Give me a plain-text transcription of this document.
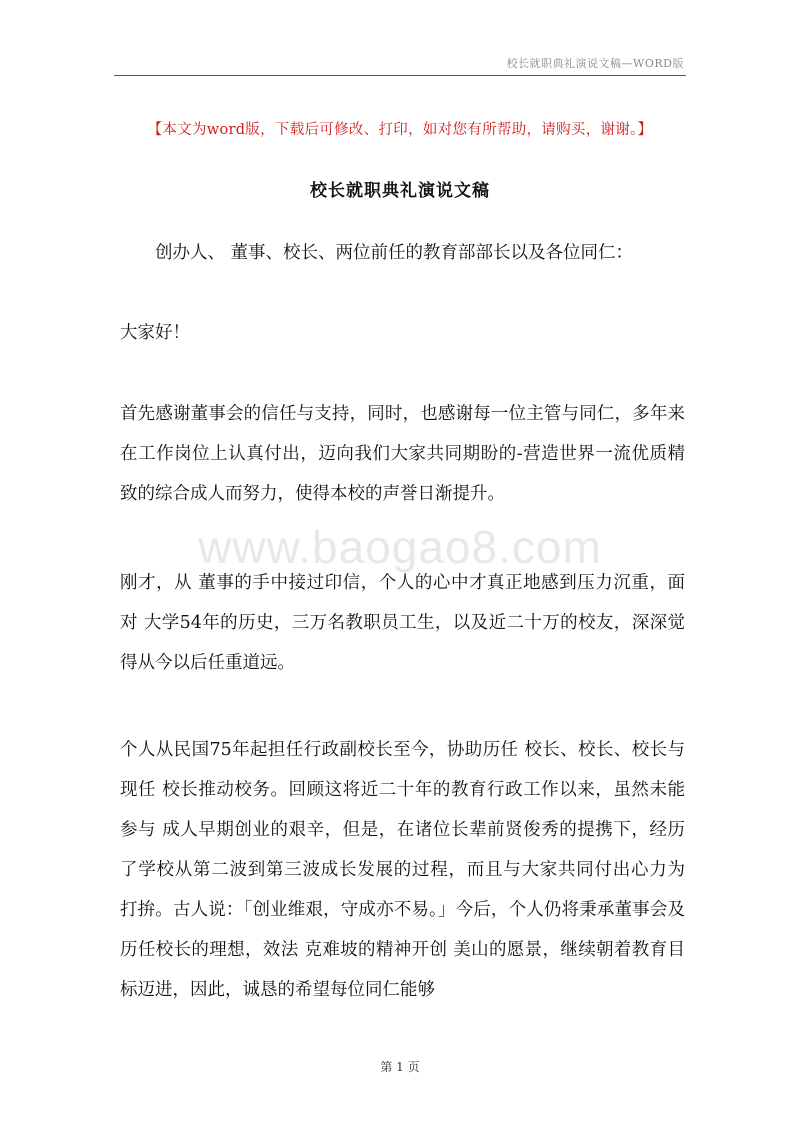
校长就职典礼演说文稿—WORD版
【本文为word版，下载后可修改、打印，如对您有所帮助，请购买，谢谢。】
校长就职典礼演说文稿
创办人、 董事、校长、两位前任的教育部部长以及各位同仁：
大家好！
首先感谢董事会的信任与支持，同时，也感谢每一位主管与同仁，多年来在工作岗位上认真付出，迈向我们大家共同期盼的-营造世界一流优质精致的综合成人而努力，使得本校的声誉日渐提升。
刚才，从 董事的手中接过印信，个人的心中才真正地感到压力沉重，面对 大学54年的历史，三万名教职员工生，以及近二十万的校友，深深觉得从今以后任重道远。
个人从民国75年起担任行政副校长至今，协助历任 校长、校长、校长与现任 校长推动校务。回顾这将近二十年的教育行政工作以来，虽然未能参与 成人早期创业的艰辛，但是，在诸位长辈前贤俊秀的提携下，经历了学校从第二波到第三波成长发展的过程，而且与大家共同付出心力为 打拚。古人说：「创业维艰，守成亦不易。」今后，个人仍将秉承董事会及历任校长的理想，效法 克难坡的精神开创 美山的愿景，继续朝着教育目标迈进，因此，诚恳的希望每位同仁能够
www.baogao8.com
第 1 页
